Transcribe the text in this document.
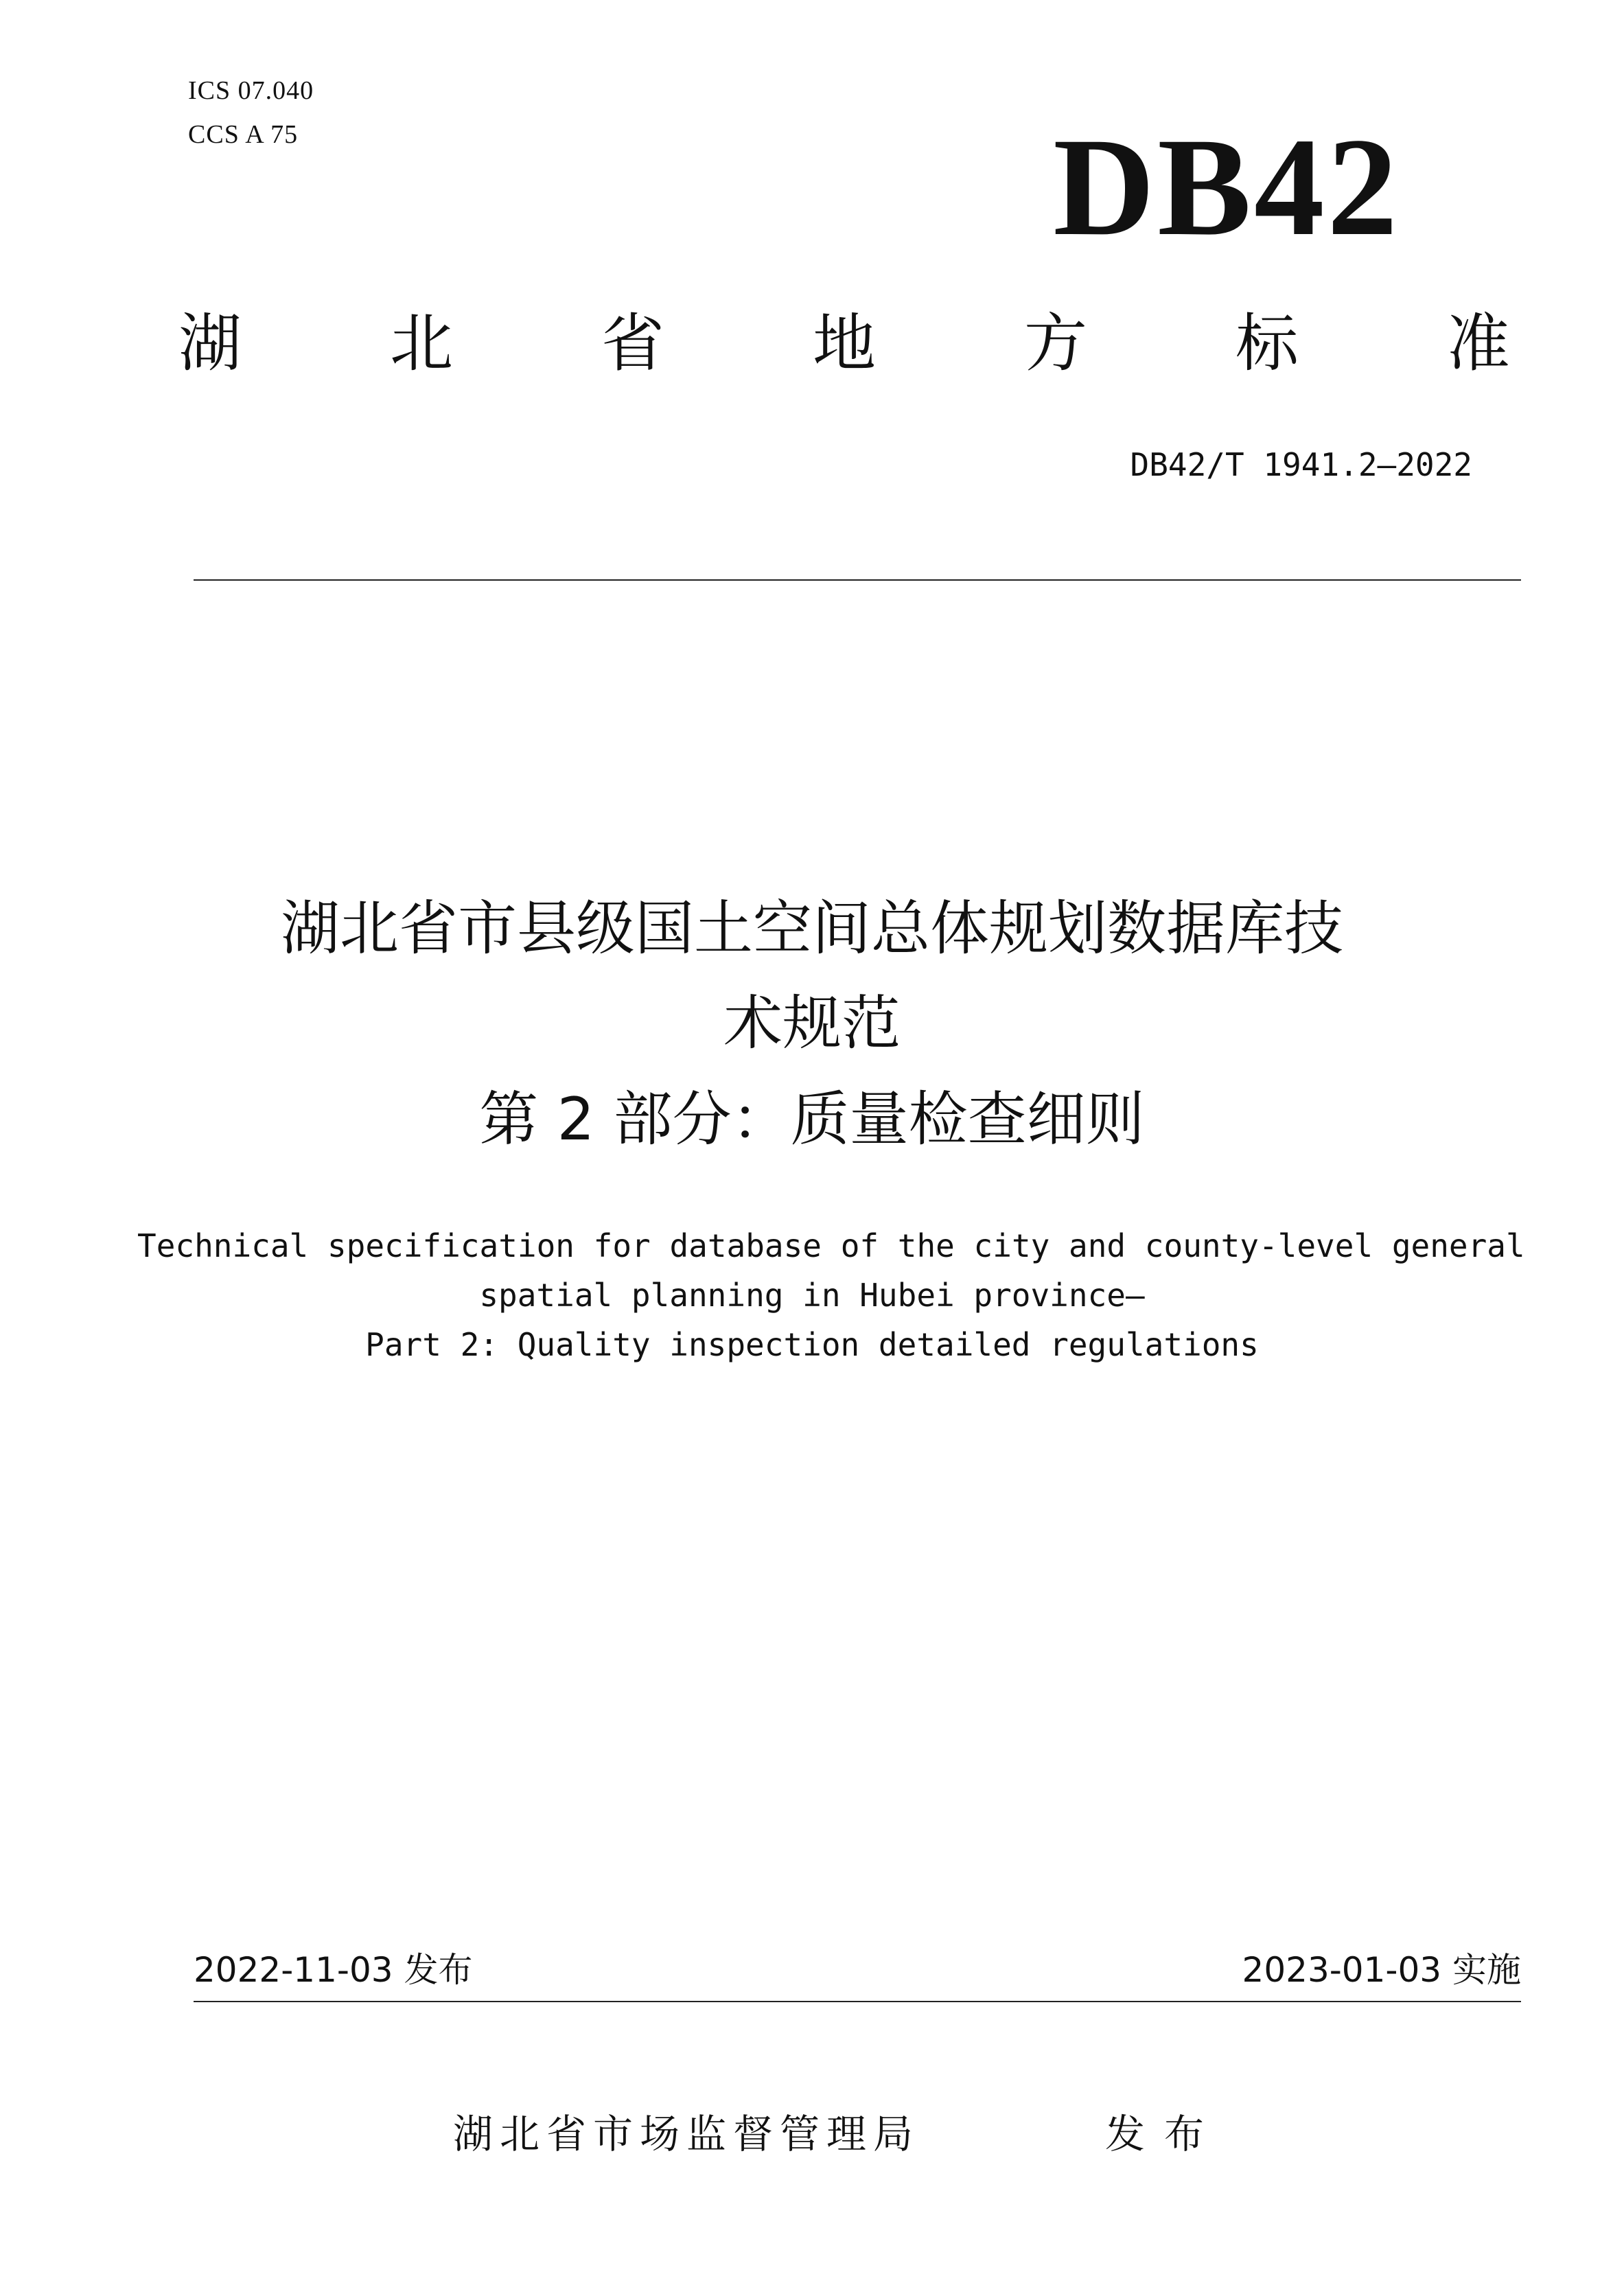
ICS 07.040
CCS A 75	DB42
湖 北 省 地 方 标 准
DB42/T 1941.2—2022
湖北省市县级国土空间总体规划数据库技
术规范
第 2 部分：质量检查细则
Technical specification for database of the city and county-level general
spatial planning in Hubei province—
Part 2: Quality inspection detailed regulations
2022-11-03 发布	2023-01-03 实施
湖北省市场监督管理局	发布
